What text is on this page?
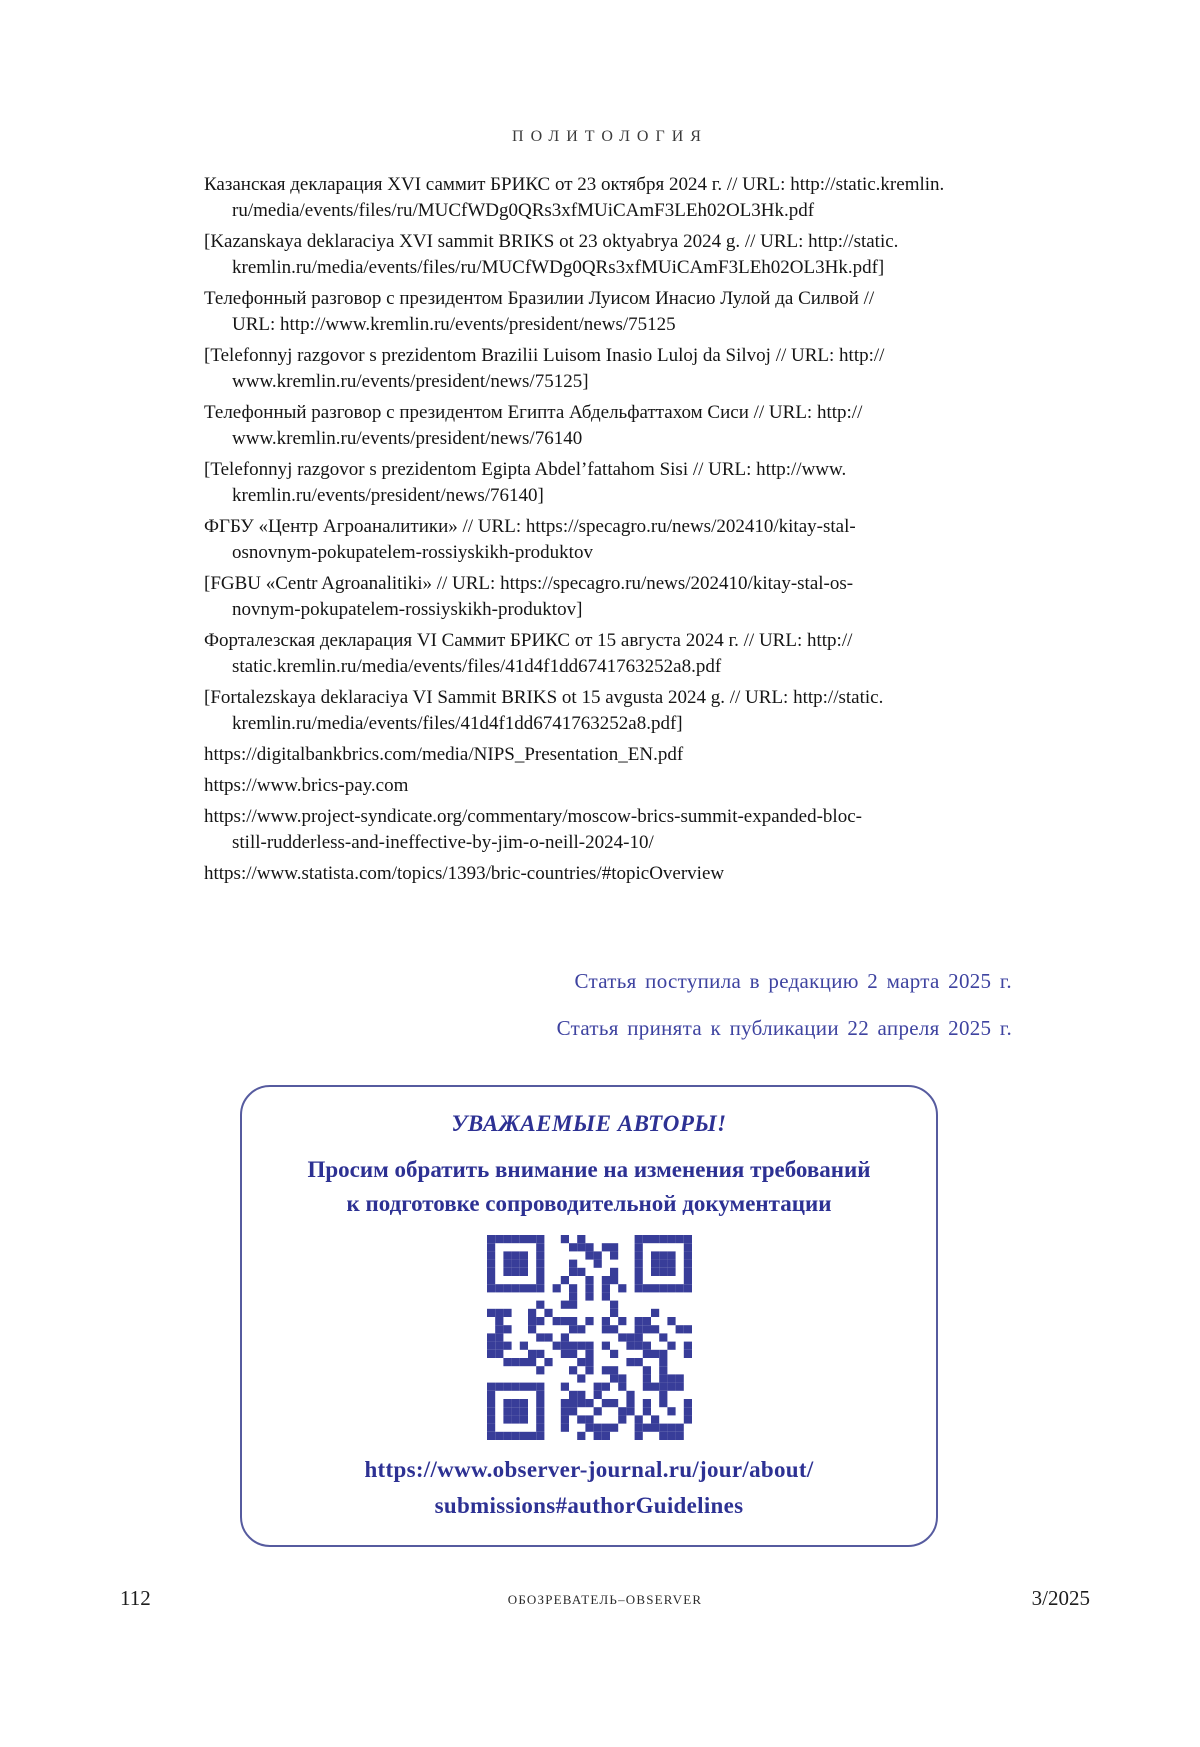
ПОЛИТОЛОГИЯ
Казанская декларация XVI саммит БРИКС от 23 октября 2024 г. // URL: http://static.kremlin.
ru/media/events/files/ru/MUCfWDg0QRs3xfMUiCAmF3LEh02OL3Hk.pdf
[Kazanskaya deklaraciya XVI sammit BRIKS ot 23 oktyabrya 2024 g. // URL: http://static.
kremlin.ru/media/events/files/ru/MUCfWDg0QRs3xfMUiCAmF3LEh02OL3Hk.pdf]
Телефонный разговор с президентом Бразилии Луисом Инасио Лулой да Силвой //
URL: http://www.kremlin.ru/events/president/news/75125
[Telefonnyj razgovor s prezidentom Brazilii Luisom Inasio Luloj da Silvoj // URL: http://
www.kremlin.ru/events/president/news/75125]
Телефонный разговор с президентом Египта Абдельфаттахом Сиси // URL: http://
www.kremlin.ru/events/president/news/76140
[Telefonnyj razgovor s prezidentom Egipta Abdel’fattahom Sisi // URL: http://www.
kremlin.ru/events/president/news/76140]
ФГБУ «Центр Агроаналитики» // URL: https://specagro.ru/news/202410/kitay-stal-
osnovnym-pokupatelem-rossiyskikh-produktov
[FGBU «Centr Agroanalitiki» // URL: https://specagro.ru/news/202410/kitay-stal-os-
novnym-pokupatelem-rossiyskikh-produktov]
Форталезская декларация VI Саммит БРИКС от 15 августа 2024 г. // URL: http://
static.kremlin.ru/media/events/files/41d4f1dd6741763252a8.pdf
[Fortalezskaya deklaraciya VI Sammit BRIKS ot 15 avgusta 2024 g. // URL: http://static.
kremlin.ru/media/events/files/41d4f1dd6741763252a8.pdf]
https://digitalbankbrics.com/media/NIPS_Presentation_EN.pdf
https://www.brics-pay.com
https://www.project-syndicate.org/commentary/moscow-brics-summit-expanded-bloc-
still-rudderless-and-ineffective-by-jim-o-neill-2024-10/
https://www.statista.com/topics/1393/bric-countries/#topicOverview
Статья поступила в редакцию 2 марта 2025 г.
Статья принята к публикации 22 апреля 2025 г.
УВАЖАЕМЫЕ АВТОРЫ!
Просим обратить внимание на изменения требований
к подготовке сопроводительной документации
https://www.observer-journal.ru/jour/about/
submissions#authorGuidelines
112	ОБОЗРЕВАТЕЛЬ–OBSERVER	3/2025
